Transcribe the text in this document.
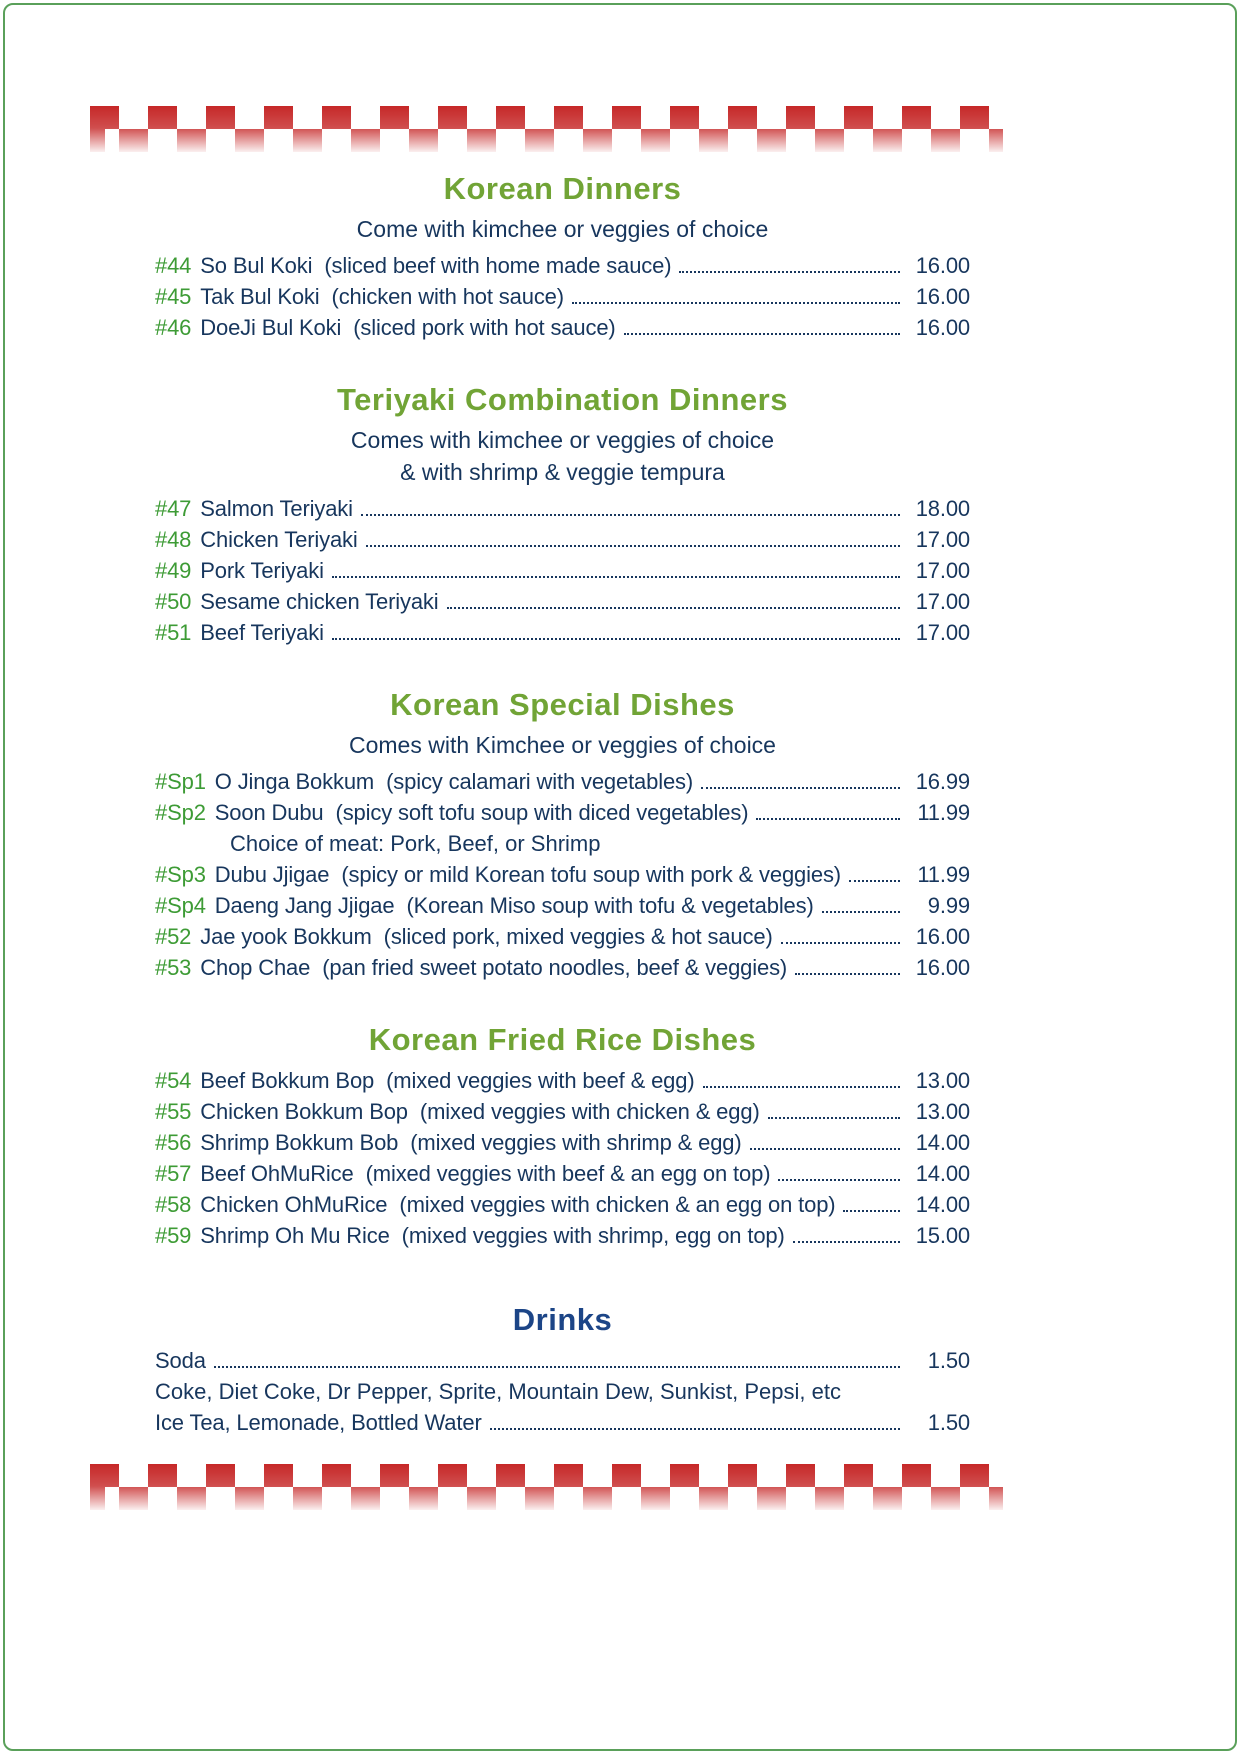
Korean Dinners
Come with kimchee or veggies of choice
#44 So Bul Koki (sliced beef with home made sauce)	16.00
#45 Tak Bul Koki (chicken with hot sauce)	16.00
#46 DoeJi Bul Koki (sliced pork with hot sauce)	16.00
Teriyaki Combination Dinners
Comes with kimchee or veggies of choice
& with shrimp & veggie tempura
#47 Salmon Teriyaki	18.00
#48 Chicken Teriyaki	17.00
#49 Pork Teriyaki	17.00
#50 Sesame chicken Teriyaki	17.00
#51 Beef Teriyaki	17.00
Korean Special Dishes
Comes with Kimchee or veggies of choice
#Sp1 O Jinga Bokkum (spicy calamari with vegetables)	16.99
#Sp2 Soon Dubu (spicy soft tofu soup with diced vegetables)	11.99
Choice of meat: Pork, Beef, or Shrimp
#Sp3 Dubu Jjigae (spicy or mild Korean tofu soup with pork & veggies)	11.99
#Sp4 Daeng Jang Jjigae (Korean Miso soup with tofu & vegetables)	9.99
#52 Jae yook Bokkum (sliced pork, mixed veggies & hot sauce)	16.00
#53 Chop Chae (pan fried sweet potato noodles, beef & veggies)	16.00
Korean Fried Rice Dishes
#54 Beef Bokkum Bop (mixed veggies with beef & egg)	13.00
#55 Chicken Bokkum Bop (mixed veggies with chicken & egg)	13.00
#56 Shrimp Bokkum Bob (mixed veggies with shrimp & egg)	14.00
#57 Beef OhMuRice (mixed veggies with beef & an egg on top)	14.00
#58 Chicken OhMuRice (mixed veggies with chicken & an egg on top)	14.00
#59 Shrimp Oh Mu Rice (mixed veggies with shrimp, egg on top)	15.00
Drinks
Soda	1.50
Coke, Diet Coke, Dr Pepper, Sprite, Mountain Dew, Sunkist, Pepsi, etc
Ice Tea, Lemonade, Bottled Water	1.50
